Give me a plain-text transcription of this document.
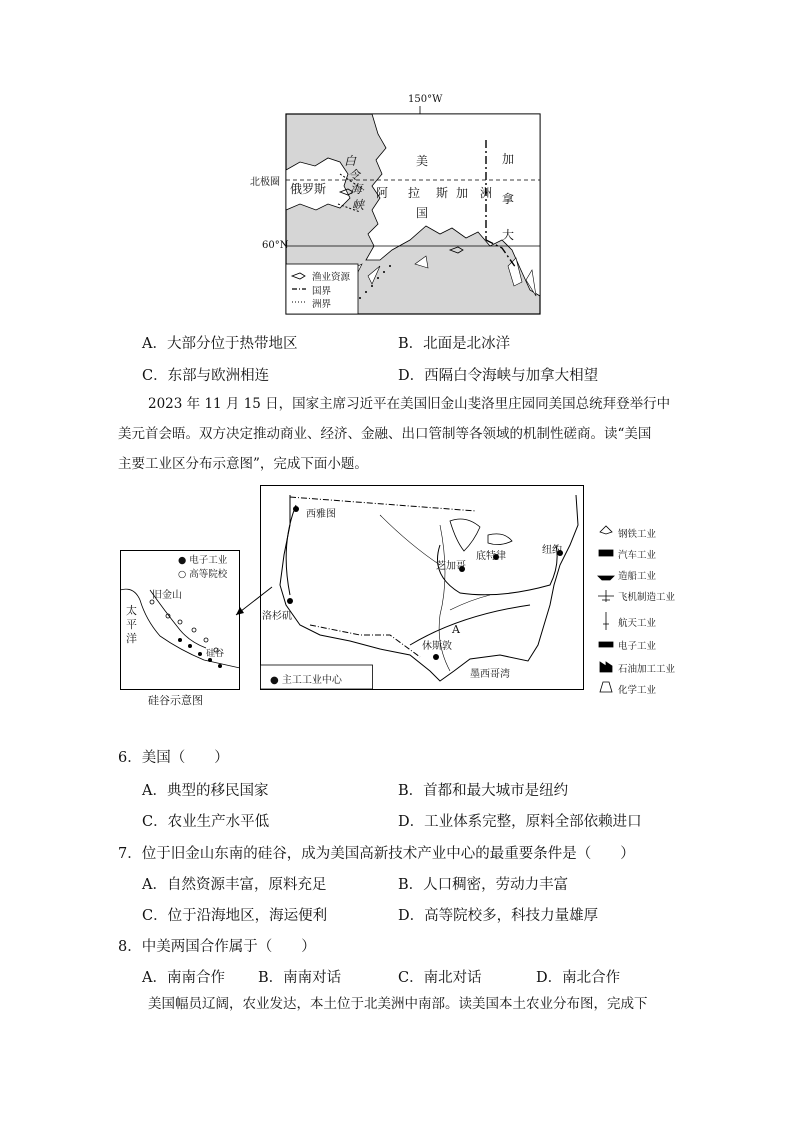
150°W
北极圈
60°N
俄罗斯
白
令
海
峡
阿
美
拉 斯 加 洲
国
加
拿
大
渔业资源
国界
洲界
A．大部分位于热带地区	B．北面是北冰洋
C．东部与欧洲相连	D．西隔白令海峡与加拿大相望
2023 年 11 月 15 日，国家主席习近平在美国旧金山斐洛里庄园同美国总统拜登举行中
美元首会晤。双方决定推动商业、经济、金融、出口管制等各领域的机制性磋商。读“美国
主要工业区分布示意图”，完成下面小题。
西雅图
芝加哥
底特律
纽约
洛杉矶
休斯敦
墨西哥湾
A
● 主工工业中心
钢铁工业
汽车工业
造船工业
飞机制造工业
航天工业
电子工业
石油加工工业
化学工业
● 电子工业
○ 高等院校
旧金山
太
平
洋
硅谷
硅谷示意图
6．美国（　　）
A．典型的移民国家	B．首都和最大城市是纽约
C．农业生产水平低	D．工业体系完整，原料全部依赖进口
7．位于旧金山东南的硅谷，成为美国高新技术产业中心的最重要条件是（　　）
A．自然资源丰富，原料充足	B．人口稠密，劳动力丰富
C．位于沿海地区，海运便利	D．高等院校多，科技力量雄厚
8．中美两国合作属于（　　）
A．南南合作 B．南南对话	C．南北对话	D．南北合作
美国幅员辽阔，农业发达，本土位于北美洲中南部。读美国本土农业分布图，完成下
